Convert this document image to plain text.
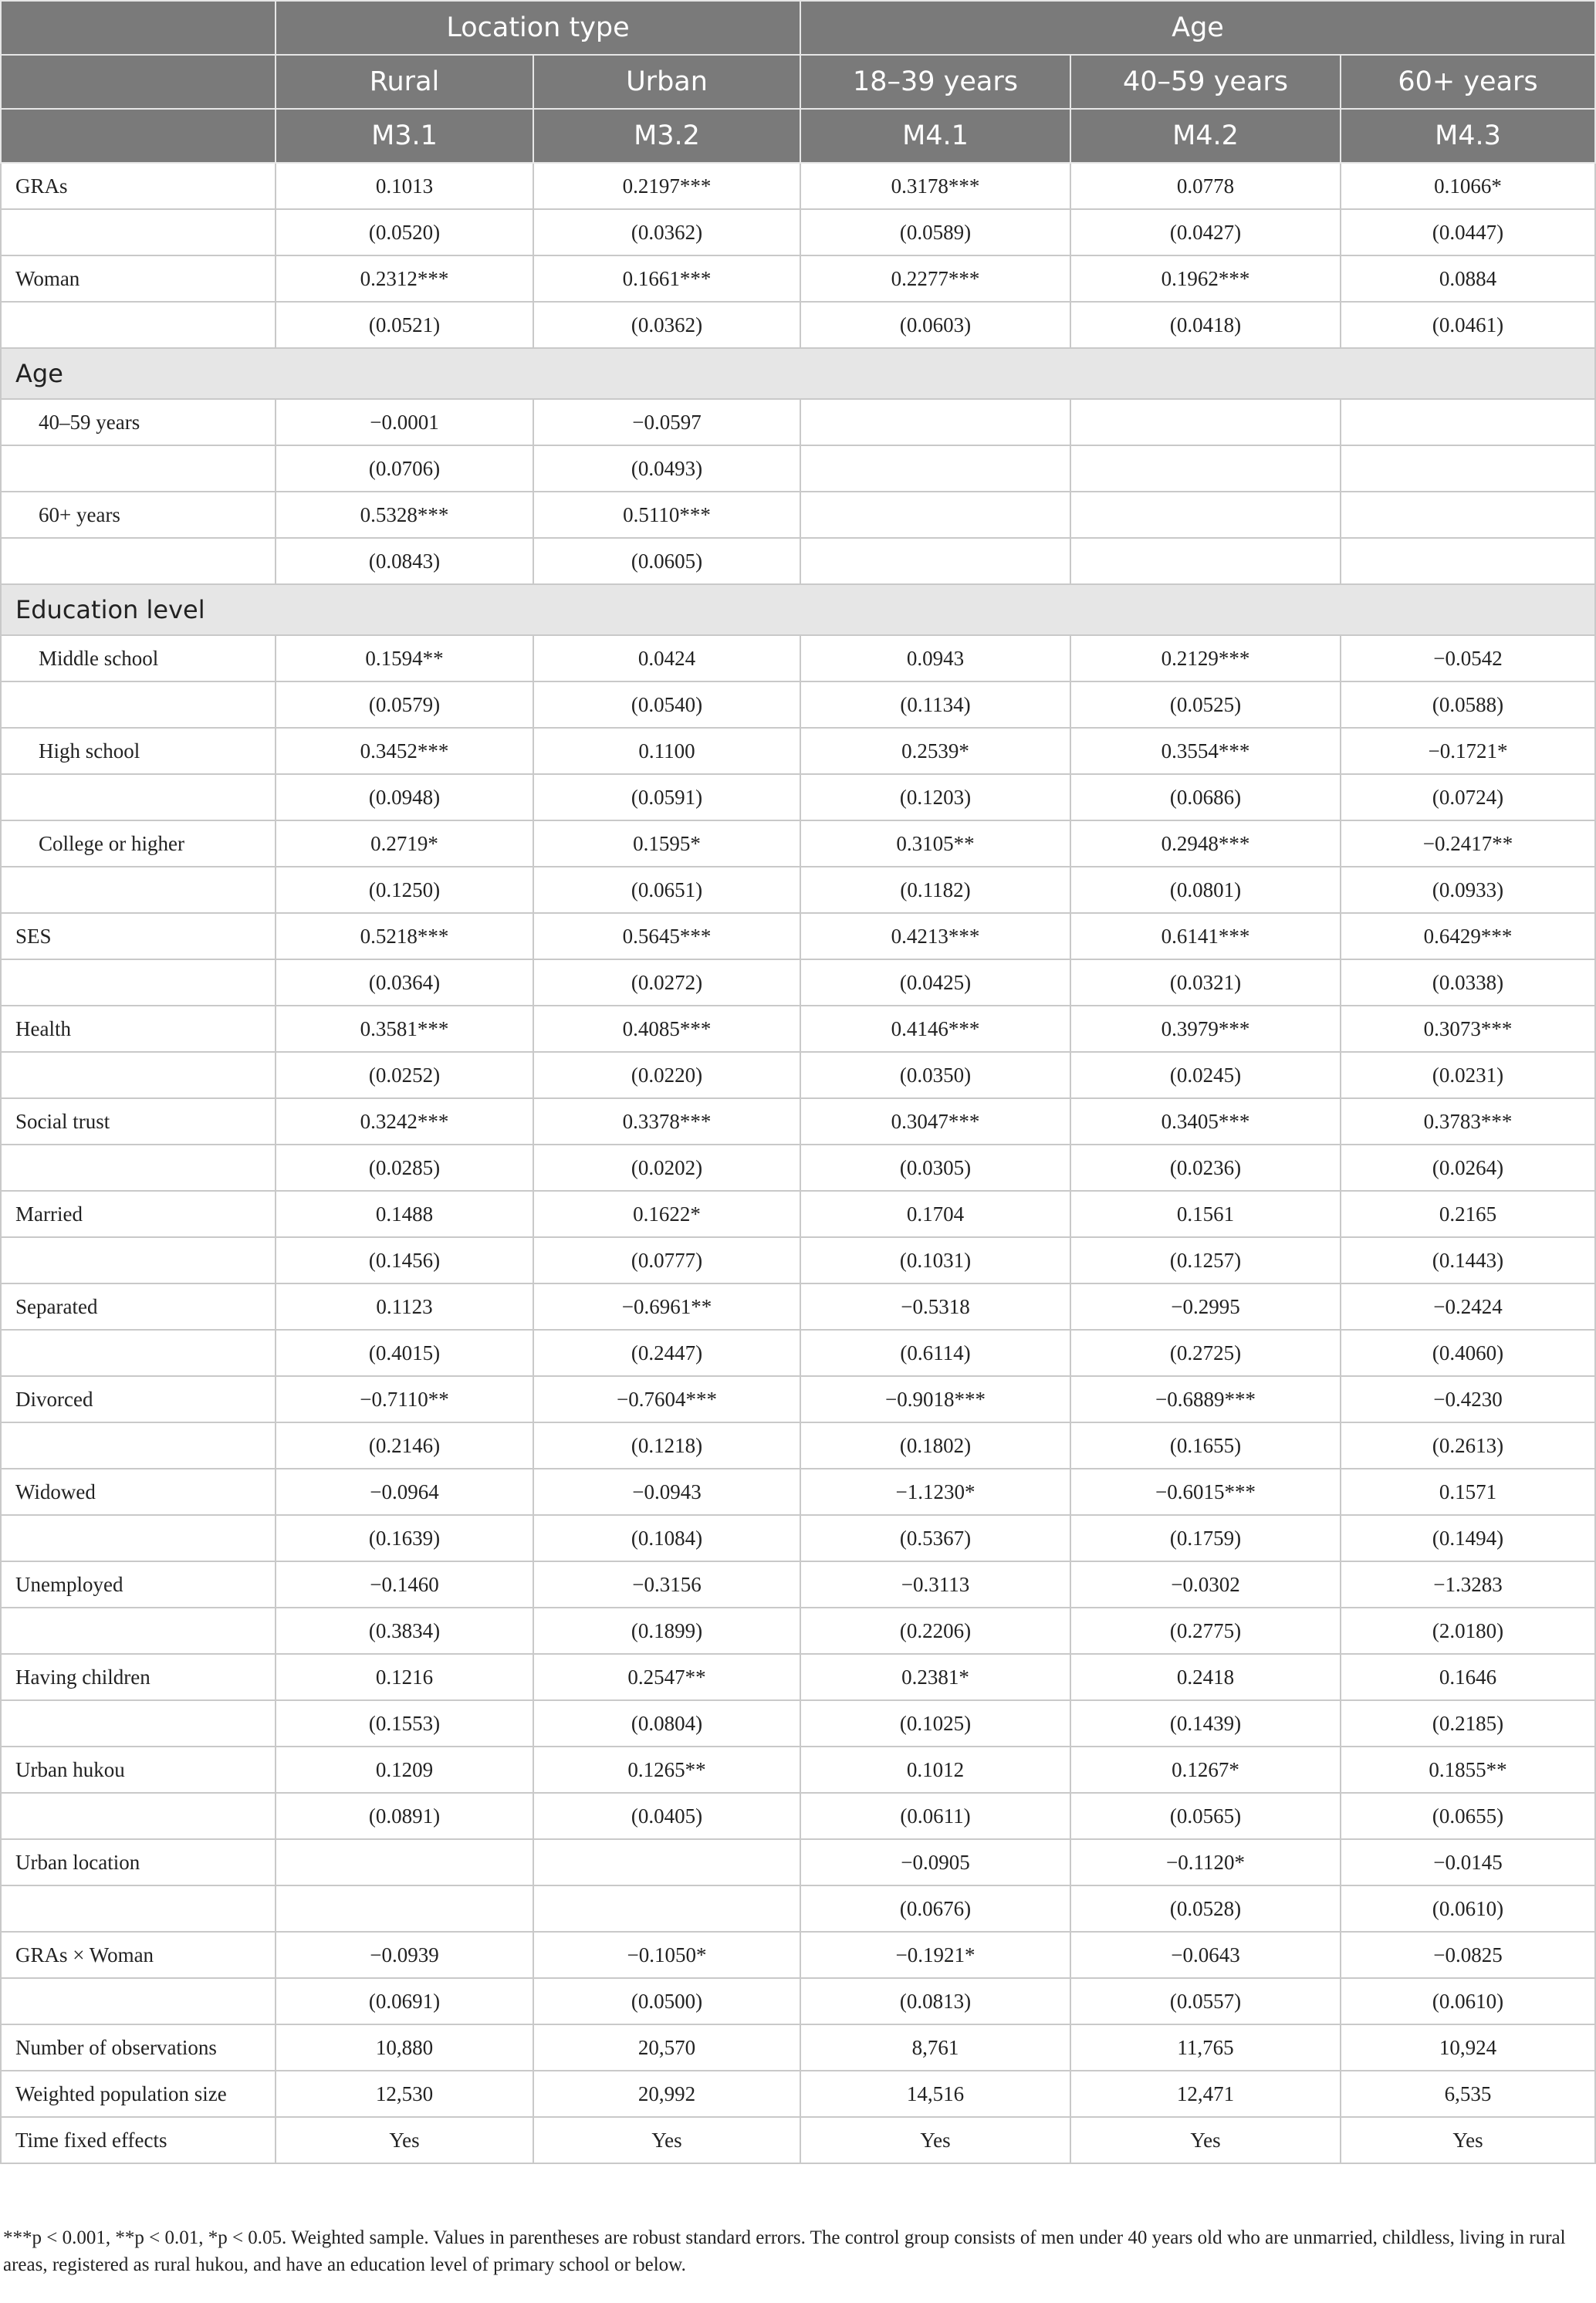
	Location type		Age		
	Rural	Urban	18–39 years	40–59 years	60+ years
	M3.1	M3.2	M4.1	M4.2	M4.3
GRAs	0.1013	0.2197***	0.3178***	0.0778	0.1066*
	(0.0520)	(0.0362)	(0.0589)	(0.0427)	(0.0447)
Woman	0.2312***	0.1661***	0.2277***	0.1962***	0.0884
	(0.0521)	(0.0362)	(0.0603)	(0.0418)	(0.0461)
Age					
40–59 years	−0.0001	−0.0597			
	(0.0706)	(0.0493)			
60+ years	0.5328***	0.5110***			
	(0.0843)	(0.0605)			
Education level					
Middle school	0.1594**	0.0424	0.0943	0.2129***	−0.0542
	(0.0579)	(0.0540)	(0.1134)	(0.0525)	(0.0588)
High school	0.3452***	0.1100	0.2539*	0.3554***	−0.1721*
	(0.0948)	(0.0591)	(0.1203)	(0.0686)	(0.0724)
College or higher	0.2719*	0.1595*	0.3105**	0.2948***	−0.2417**
	(0.1250)	(0.0651)	(0.1182)	(0.0801)	(0.0933)
SES	0.5218***	0.5645***	0.4213***	0.6141***	0.6429***
	(0.0364)	(0.0272)	(0.0425)	(0.0321)	(0.0338)
Health	0.3581***	0.4085***	0.4146***	0.3979***	0.3073***
	(0.0252)	(0.0220)	(0.0350)	(0.0245)	(0.0231)
Social trust	0.3242***	0.3378***	0.3047***	0.3405***	0.3783***
	(0.0285)	(0.0202)	(0.0305)	(0.0236)	(0.0264)
Married	0.1488	0.1622*	0.1704	0.1561	0.2165
	(0.1456)	(0.0777)	(0.1031)	(0.1257)	(0.1443)
Separated	0.1123	−0.6961**	−0.5318	−0.2995	−0.2424
	(0.4015)	(0.2447)	(0.6114)	(0.2725)	(0.4060)
Divorced	−0.7110**	−0.7604***	−0.9018***	−0.6889***	−0.4230
	(0.2146)	(0.1218)	(0.1802)	(0.1655)	(0.2613)
Widowed	−0.0964	−0.0943	−1.1230*	−0.6015***	0.1571
	(0.1639)	(0.1084)	(0.5367)	(0.1759)	(0.1494)
Unemployed	−0.1460	−0.3156	−0.3113	−0.0302	−1.3283
	(0.3834)	(0.1899)	(0.2206)	(0.2775)	(2.0180)
Having children	0.1216	0.2547**	0.2381*	0.2418	0.1646
	(0.1553)	(0.0804)	(0.1025)	(0.1439)	(0.2185)
Urban hukou	0.1209	0.1265**	0.1012	0.1267*	0.1855**
	(0.0891)	(0.0405)	(0.0611)	(0.0565)	(0.0655)
Urban location			−0.0905	−0.1120*	−0.0145
			(0.0676)	(0.0528)	(0.0610)
GRAs × Woman	−0.0939	−0.1050*	−0.1921*	−0.0643	−0.0825
	(0.0691)	(0.0500)	(0.0813)	(0.0557)	(0.0610)
Number of observations	10,880	20,570	8,761	11,765	10,924
Weighted population size	12,530	20,992	14,516	12,471	6,535
Time fixed effects	Yes	Yes	Yes	Yes	Yes
***p < 0.001, **p < 0.01, *p < 0.05. Weighted sample. Values in parentheses are robust standard errors. The control group consists of men under 40 years old who are unmarried, childless, living in rural areas, registered as rural hukou, and have an education level of primary school or below.
